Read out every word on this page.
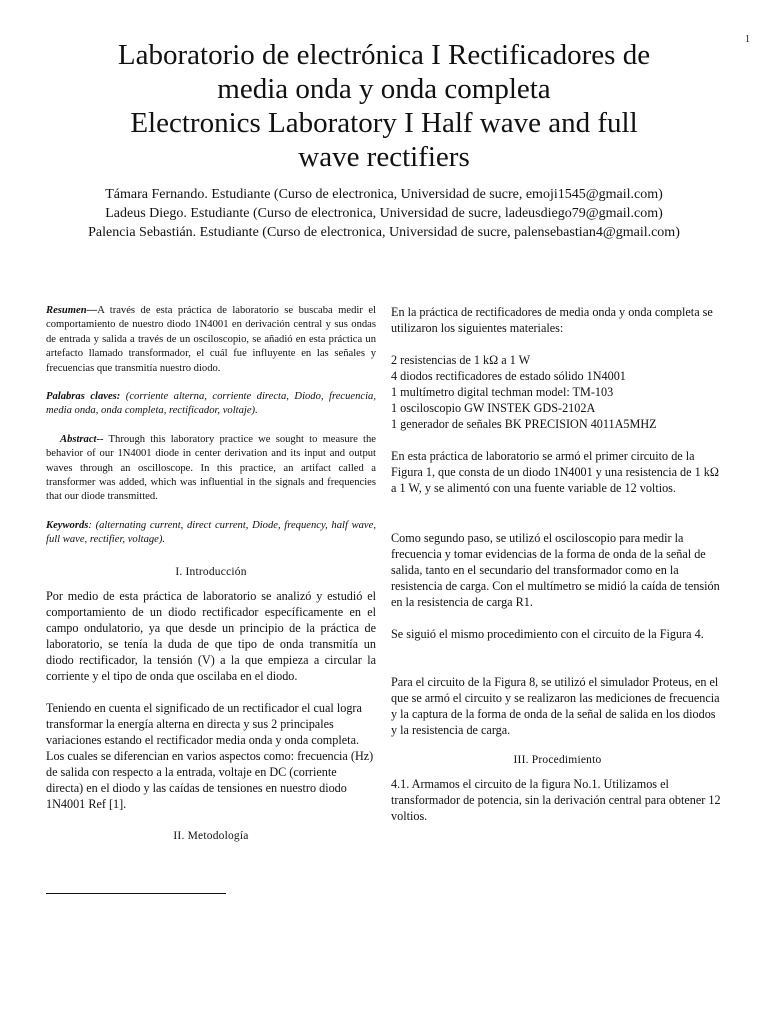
1
Laboratorio de electrónica I Rectificadores de
media onda y onda completa
Electronics Laboratory I Half wave and full
wave rectifiers
Támara Fernando. Estudiante (Curso de electronica, Universidad de sucre, emoji1545@gmail.com)
Ladeus Diego. Estudiante (Curso de electronica, Universidad de sucre, ladeusdiego79@gmail.com)
Palencia Sebastián. Estudiante (Curso de electronica, Universidad de sucre, palensebastian4@gmail.com)

Resumen—A través de esta práctica de laboratorio se buscaba medir el comportamiento de nuestro diodo 1N4001 en derivación central y sus ondas de entrada y salida a través de un osciloscopio, se añadió en esta práctica un artefacto llamado transformador, el cuál fue influyente en las señales y frecuencias que transmitía nuestro diodo.

Palabras claves: (corriente alterna, corriente directa, Diodo, frecuencia, media onda, onda completa, rectificador, voltaje).

Abstract-- Through this laboratory practice we sought to measure the behavior of our 1N4001 diode in center derivation and its input and output waves through an oscilloscope. In this practice, an artifact called a transformer was added, which was influential in the signals and frequencies that our diode transmitted.

Keywords: (alternating current, direct current, Diode, frequency, half wave, full wave, rectifier, voltage).

I. Introducción

Por medio de esta práctica de laboratorio se analizó y estudió el comportamiento de un diodo rectificador específicamente en el campo ondulatorio, ya que desde un principio de la práctica de laboratorio, se tenía la duda de que tipo de onda transmitía un diodo rectificador, la tensión (V) a la que empieza a circular la corriente y el tipo de onda que oscilaba en el diodo.

Teniendo en cuenta el significado de un rectificador el cual logra transformar la energía alterna en directa y sus 2 principales variaciones estando el rectificador media onda y onda completa. Los cuales se diferencian en varios aspectos como: frecuencia (Hz) de salida con respecto a la entrada, voltaje en DC (corriente directa) en el diodo y las caídas de tensiones en nuestro diodo 1N4001 Ref [1].

II. Metodología

En la práctica de rectificadores de media onda y onda completa se utilizaron los siguientes materiales:

2 resistencias de 1 kΩ a 1 W
4 diodos rectificadores de estado sólido 1N4001
1 multímetro digital techman model: TM-103
1 osciloscopio GW INSTEK GDS-2102A
1 generador de señales BK PRECISION 4011A5MHZ

En esta práctica de laboratorio se armó el primer circuito de la Figura 1, que consta de un diodo 1N4001 y una resistencia de 1 kΩ a 1 W, y se alimentó con una fuente variable de 12 voltios.

Como segundo paso, se utilizó el osciloscopio para medir la frecuencia y tomar evidencias de la forma de onda de la señal de salida, tanto en el secundario del transformador como en la resistencia de carga. Con el multímetro se midió la caída de tensión en la resistencia de carga R1.

Se siguió el mismo procedimiento con el circuito de la Figura 4.

Para el circuito de la Figura 8, se utilizó el simulador Proteus, en el que se armó el circuito y se realizaron las mediciones de frecuencia y la captura de la forma de onda de la señal de salida en los diodos y la resistencia de carga.

III. Procedimiento

4.1. Armamos el circuito de la figura No.1. Utilizamos el transformador de potencia, sin la derivación central para obtener 12 voltios.
